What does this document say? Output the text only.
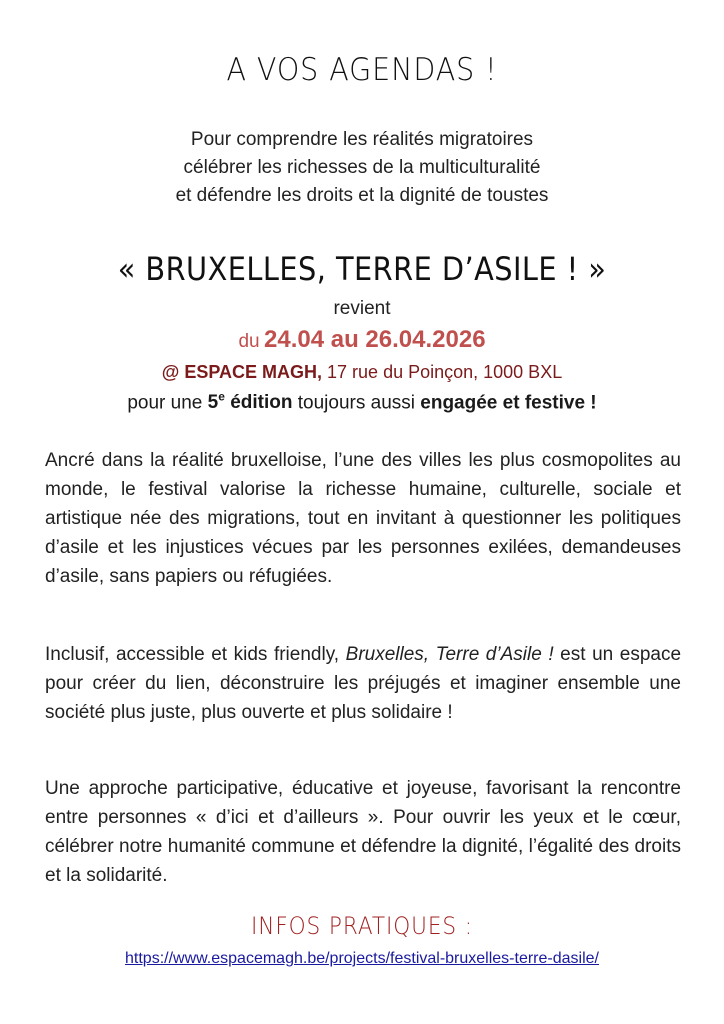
A VOS AGENDAS !
Pour comprendre les réalités migratoires
célébrer les richesses de la multiculturalité
et défendre les droits et la dignité de toustes
« BRUXELLES, TERRE D’ASILE ! »
revient
du 24.04 au 26.04.2026
@ ESPACE MAGH, 17 rue du Poinçon, 1000 BXL
pour une 5e édition toujours aussi engagée et festive !

Ancré dans la réalité bruxelloise, l’une des villes les plus cosmopolites au monde, le festival valorise la richesse humaine, culturelle, sociale et artistique née des migrations, tout en invitant à questionner les politiques d’asile et les injustices vécues par les personnes exilées, demandeuses d’asile, sans papiers ou réfugiées.

Inclusif, accessible et kids friendly, Bruxelles, Terre d’Asile ! est un espace pour créer du lien, déconstruire les préjugés et imaginer ensemble une société plus juste, plus ouverte et plus solidaire !

Une approche participative, éducative et joyeuse, favorisant la rencontre entre personnes « d’ici et d’ailleurs ». Pour ouvrir les yeux et le cœur, célébrer notre humanité commune et défendre la dignité, l’égalité des droits et la solidarité.

INFOS PRATIQUES :
https://www.espacemagh.be/projects/festival-bruxelles-terre-dasile/
